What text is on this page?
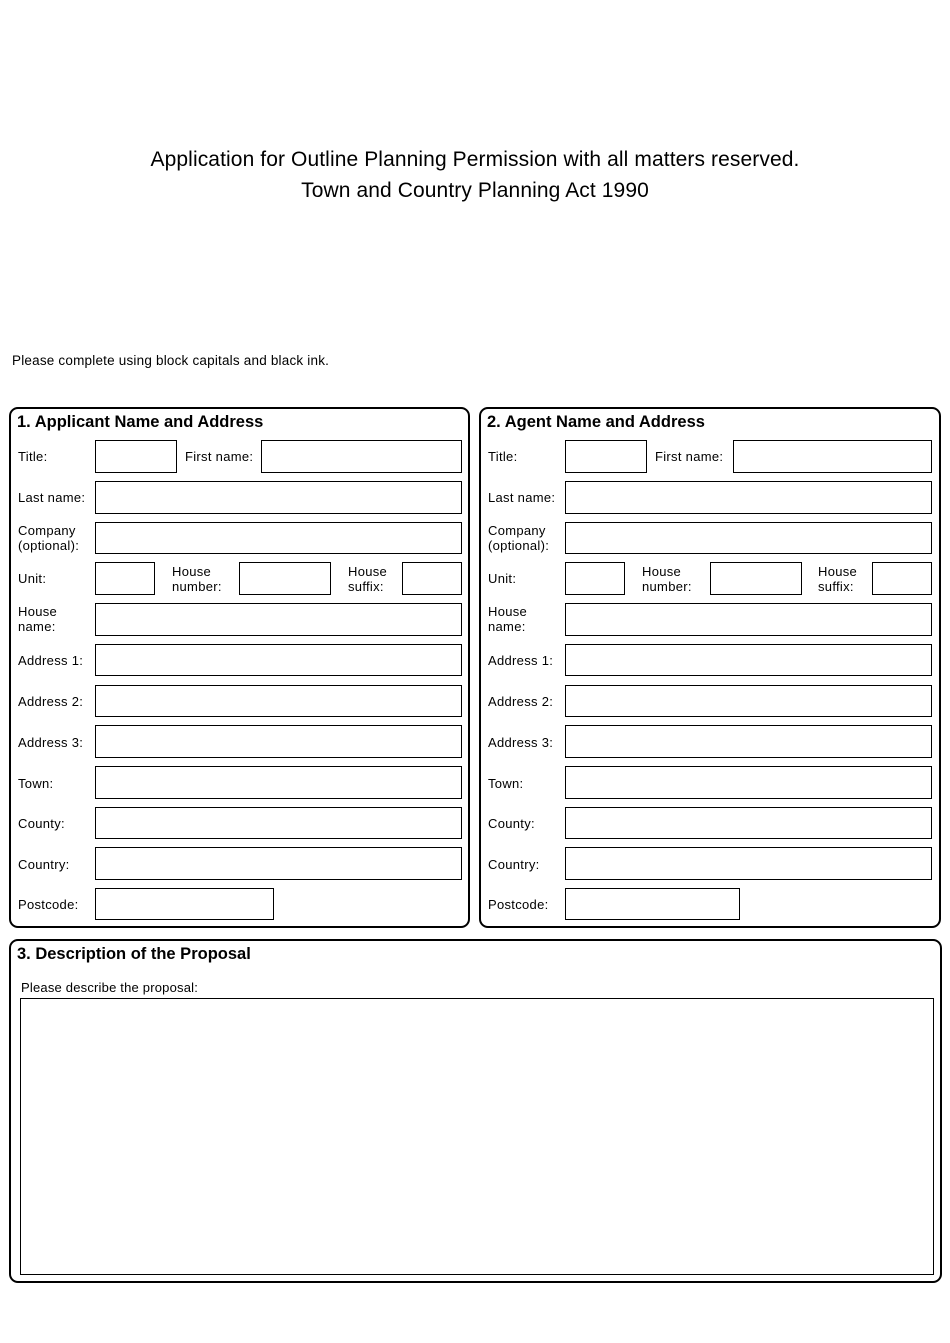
Application for Outline Planning Permission with all matters reserved.
Town and Country Planning Act 1990
Please complete using block capitals and black ink.
1. Applicant Name and Address
Title:	First name:
Last name:
Company
(optional):
Unit:	House
number:
House
suffix:
House
name:
Address 1:
Address 2:
Address 3:
Town:
County:
Country:
Postcode:
2. Agent Name and Address
Title:	First name:
Last name:
Company
(optional):
Unit:	House
number:
House
suffix:
House
name:
Address 1:
Address 2:
Address 3:
Town:
County:
Country:
Postcode:
3. Description of the Proposal
Please describe the proposal:
